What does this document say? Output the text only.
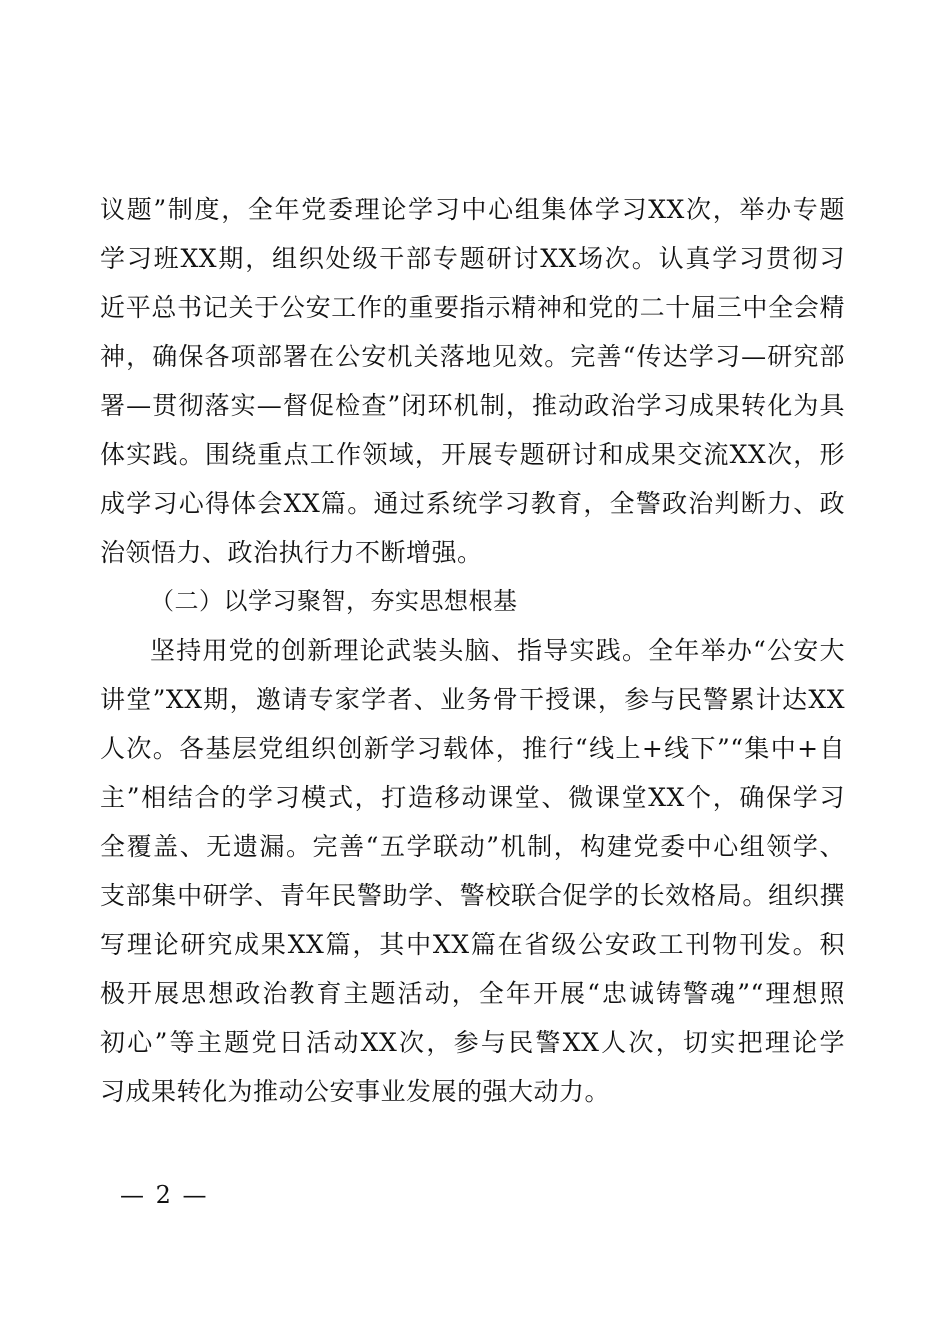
议题”制度，全年党委理论学习中心组集体学习XX次，举办专题
学习班XX期，组织处级干部专题研讨XX场次。认真学习贯彻习
近平总书记关于公安工作的重要指示精神和党的二十届三中全会精
神，确保各项部署在公安机关落地见效。完善“传达学习—研究部
署—贯彻落实—督促检查”闭环机制，推动政治学习成果转化为具
体实践。围绕重点工作领域，开展专题研讨和成果交流XX次，形
成学习心得体会XX篇。通过系统学习教育，全警政治判断力、政
治领悟力、政治执行力不断增强。
（二）以学习聚智，夯实思想根基
坚持用党的创新理论武装头脑、指导实践。全年举办“公安大
讲堂”XX期，邀请专家学者、业务骨干授课，参与民警累计达XX
人次。各基层党组织创新学习载体，推行“线上+线下”“集中+自
主”相结合的学习模式，打造移动课堂、微课堂XX个，确保学习
全覆盖、无遗漏。完善“五学联动”机制，构建党委中心组领学、
支部集中研学、青年民警助学、警校联合促学的长效格局。组织撰
写理论研究成果XX篇，其中XX篇在省级公安政工刊物刊发。积
极开展思想政治教育主题活动，全年开展“忠诚铸警魂”“理想照
初心”等主题党日活动XX次，参与民警XX人次，切实把理论学
习成果转化为推动公安事业发展的强大动力。
— 2 —
